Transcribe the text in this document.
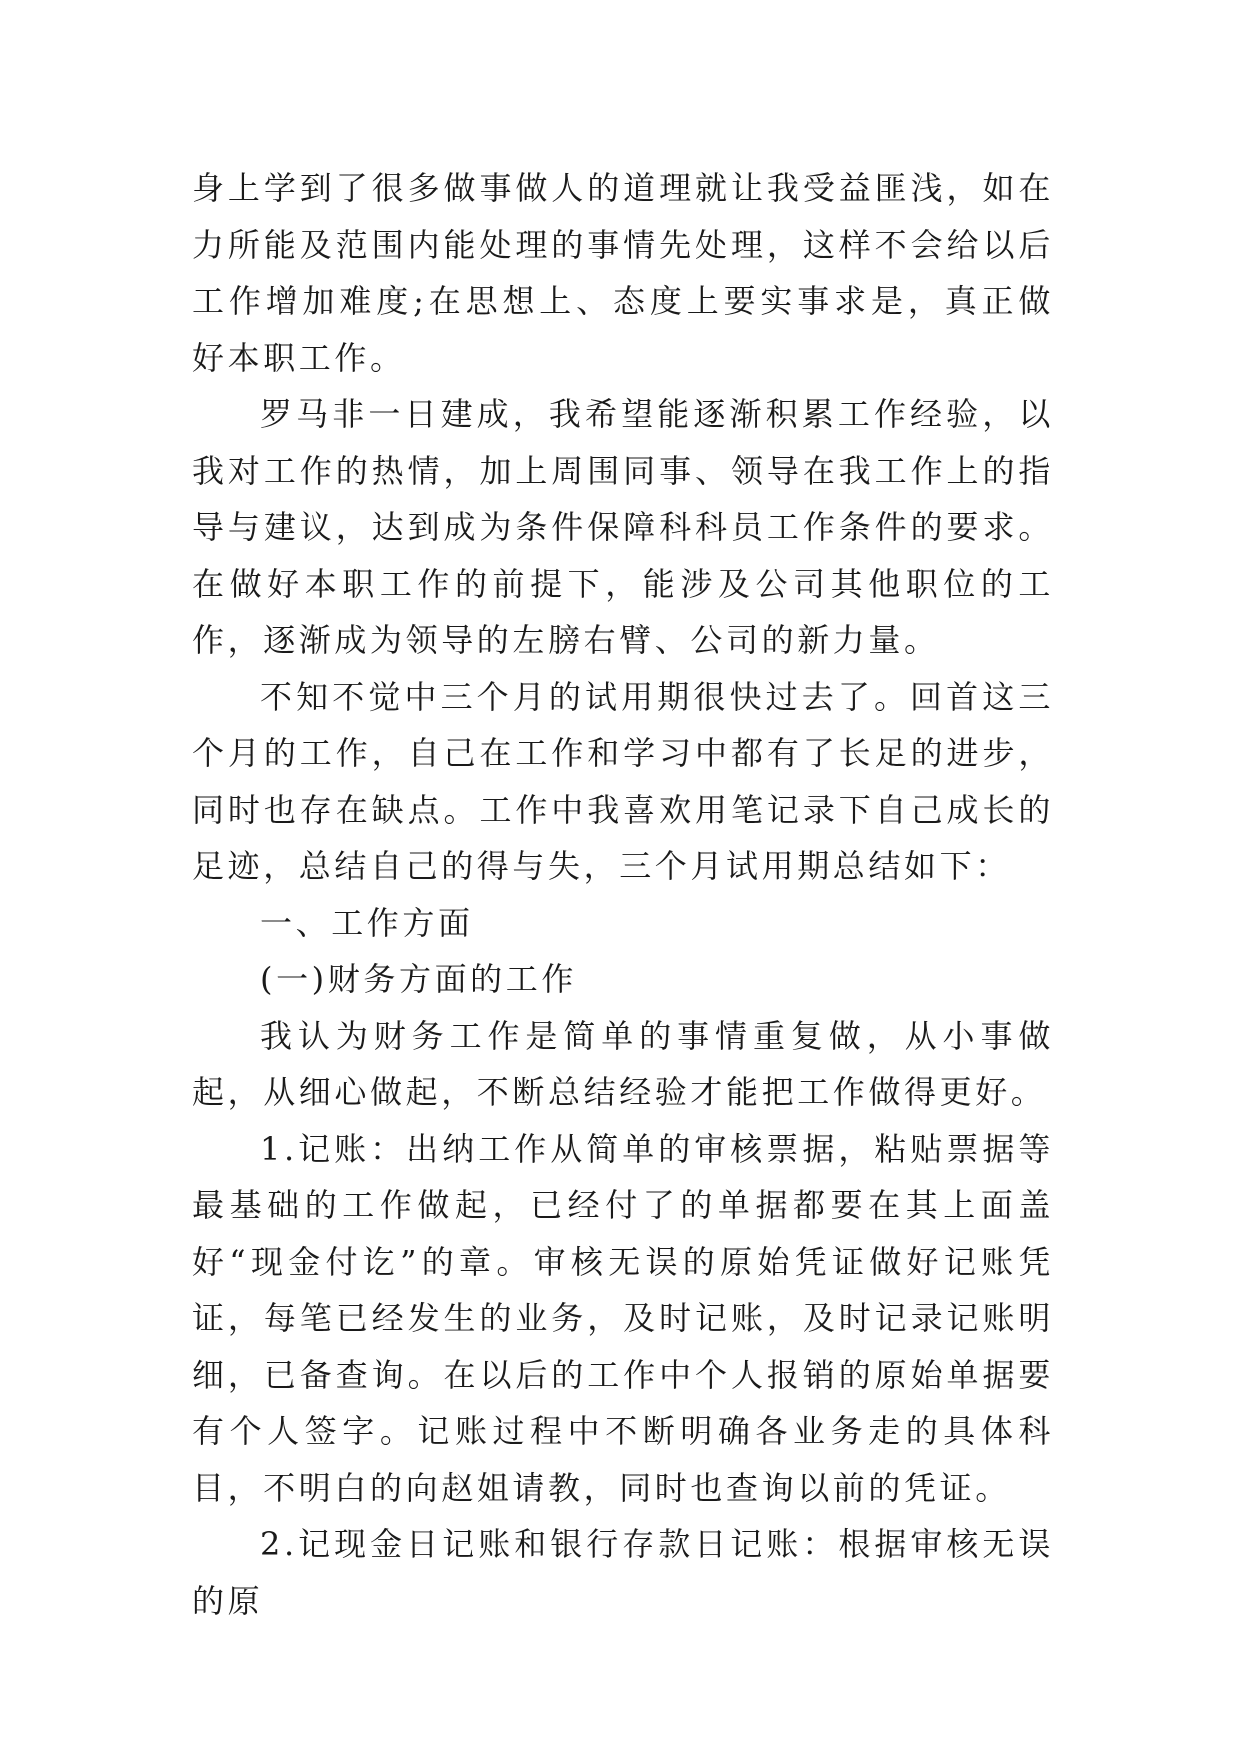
身上学到了很多做事做人的道理就让我受益匪浅，如在力所能及范围内能处理的事情先处理，这样不会给以后工作增加难度;在思想上、态度上要实事求是，真正做好本职工作。

罗马非一日建成，我希望能逐渐积累工作经验，以我对工作的热情，加上周围同事、领导在我工作上的指导与建议，达到成为条件保障科科员工作条件的要求。在做好本职工作的前提下，能涉及公司其他职位的工作，逐渐成为领导的左膀右臂、公司的新力量。

不知不觉中三个月的试用期很快过去了。回首这三个月的工作，自己在工作和学习中都有了长足的进步，同时也存在缺点。工作中我喜欢用笔记录下自己成长的足迹，总结自己的得与失，三个月试用期总结如下：

一、工作方面

(一)财务方面的工作

我认为财务工作是简单的事情重复做，从小事做起，从细心做起，不断总结经验才能把工作做得更好。

1.记账：出纳工作从简单的审核票据，粘贴票据等最基础的工作做起，已经付了的单据都要在其上面盖好“现金付讫”的章。审核无误的原始凭证做好记账凭证，每笔已经发生的业务，及时记账，及时记录记账明细，已备查询。在以后的工作中个人报销的原始单据要有个人签字。记账过程中不断明确各业务走的具体科目，不明白的向赵姐请教，同时也查询以前的凭证。

2.记现金日记账和银行存款日记账：根据审核无误的原
